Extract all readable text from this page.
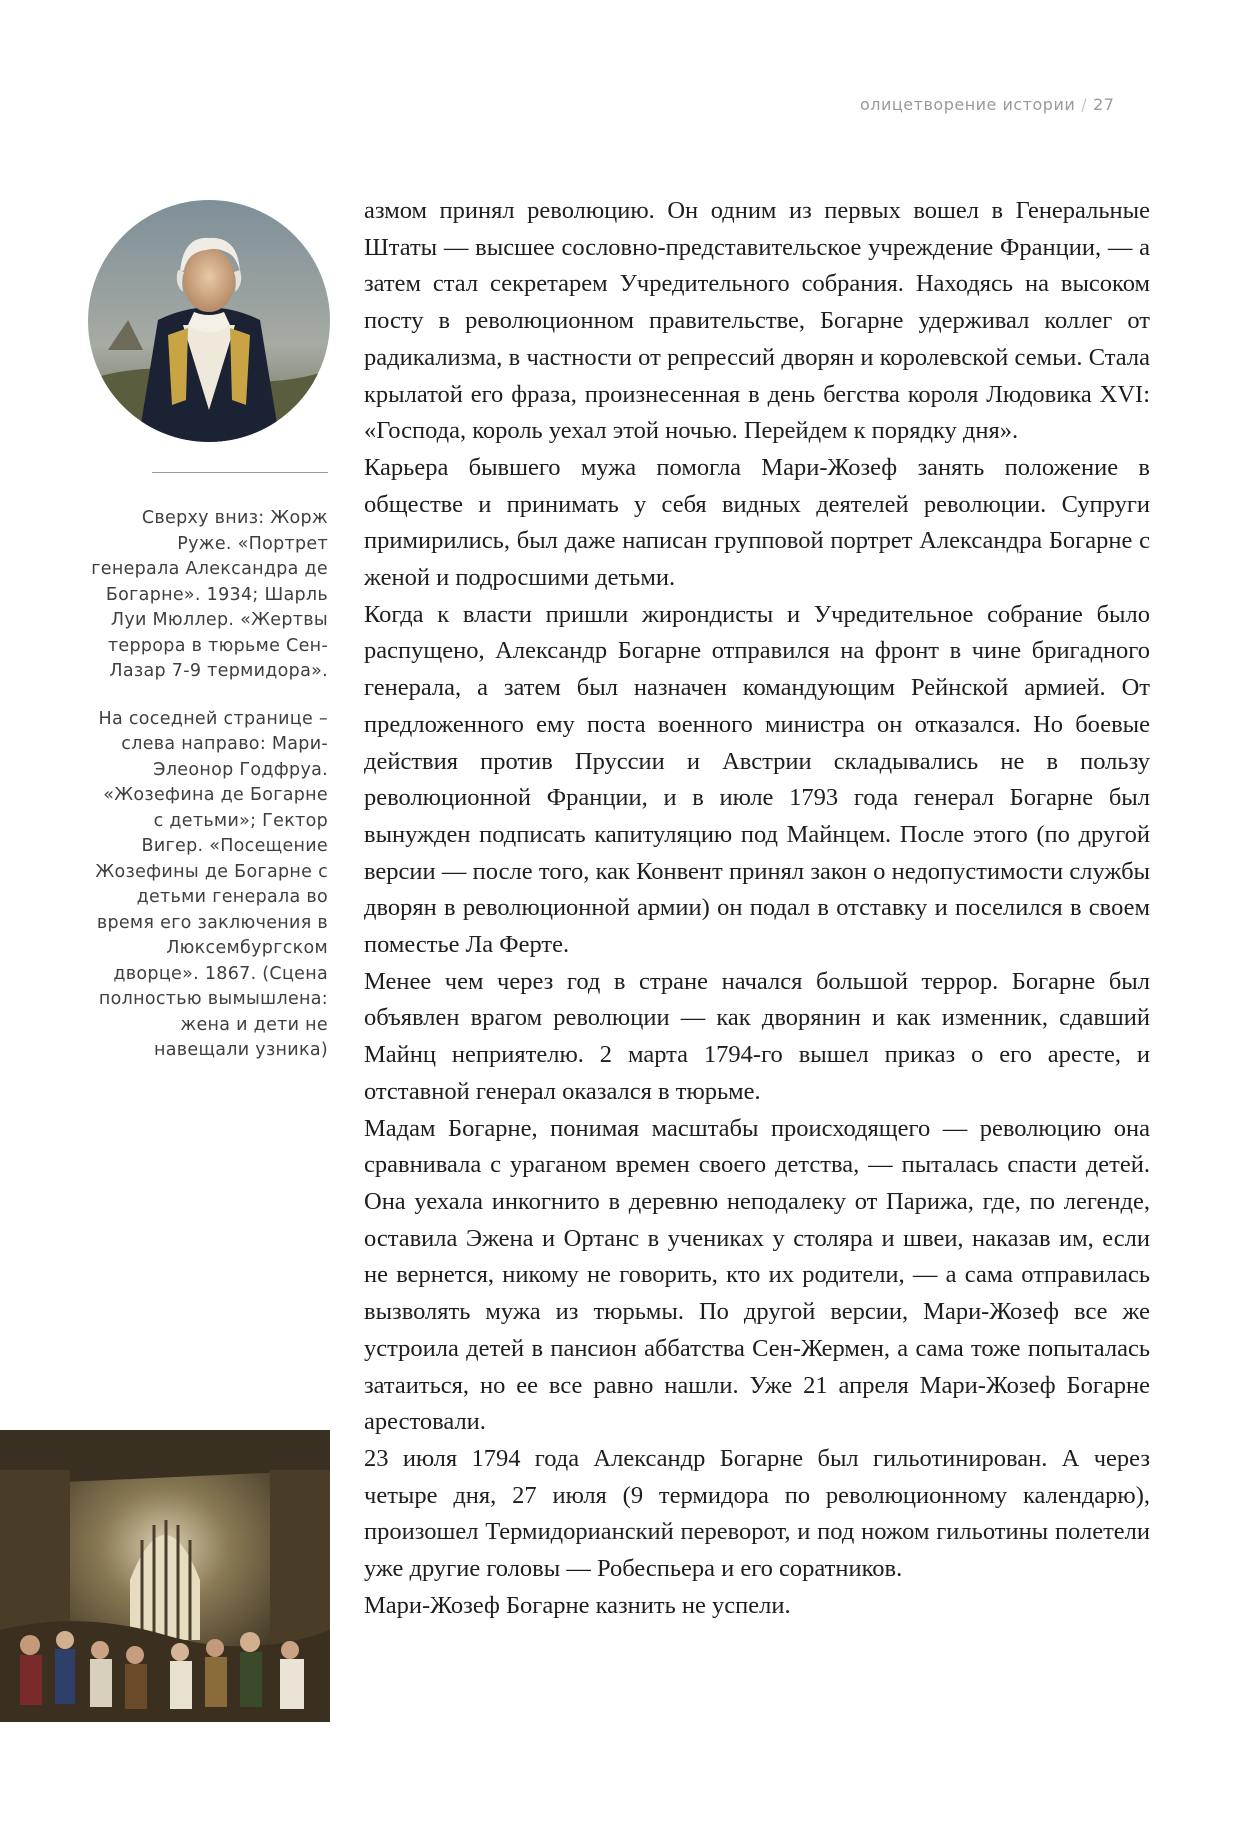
олицетворение истории / 27

Сверху вниз: Жорж Руже. «Портрет генерала Александра де Богарне». 1934; Шарль Луи Мюллер. «Жертвы террора в тюрьме Сен-Лазар 7-9 термидора».

На соседней странице – слева направо: Мари-Элеонор Годфруа. «Жозефина де Богарне с детьми»; Гектор Вигер. «Посещение Жозефины де Богарне с детьми генерала во время его заключения в Люксембургском дворце». 1867. (Сцена полностью вымышлена: жена и дети не навещали узника)

азмом принял революцию. Он одним из первых вошел в Генеральные Штаты — высшее сословно-представительское учреждение Франции, — а затем стал секретарем Учредительного собрания. Находясь на высоком посту в революционном правительстве, Богарне удерживал коллег от радикализма, в частности от репрессий дворян и королевской семьи. Стала крылатой его фраза, произнесенная в день бегства короля Людовика XVI: «Господа, король уехал этой ночью. Перейдем к порядку дня».

Карьера бывшего мужа помогла Мари-Жозеф занять положение в обществе и принимать у себя видных деятелей революции. Супруги примирились, был даже написан групповой портрет Александра Богарне с женой и подросшими детьми.

Когда к власти пришли жирондисты и Учредительное собрание было распущено, Александр Богарне отправился на фронт в чине бригадного генерала, а затем был назначен командующим Рейнской армией. От предложенного ему поста военного министра он отказался. Но боевые действия против Пруссии и Австрии складывались не в пользу революционной Франции, и в июле 1793 года генерал Богарне был вынужден подписать капитуляцию под Майнцем. После этого (по другой версии — после того, как Конвент принял закон о недопустимости службы дворян в революционной армии) он подал в отставку и поселился в своем поместье Ла Ферте.

Менее чем через год в стране начался большой террор. Богарне был объявлен врагом революции — как дворянин и как изменник, сдавший Майнц неприятелю. 2 марта 1794-го вышел приказ о его аресте, и отставной генерал оказался в тюрьме.

Мадам Богарне, понимая масштабы происходящего — революцию она сравнивала с ураганом времен своего детства, — пыталась спасти детей. Она уехала инкогнито в деревню неподалеку от Парижа, где, по легенде, оставила Эжена и Ортанс в учениках у столяра и швеи, наказав им, если не вернется, никому не говорить, кто их родители, — а сама отправилась вызволять мужа из тюрьмы. По другой версии, Мари-Жозеф все же устроила детей в пансион аббатства Сен-Жермен, а сама тоже попыталась затаиться, но ее все равно нашли. Уже 21 апреля Мари-Жозеф Богарне арестовали.

23 июля 1794 года Александр Богарне был гильотинирован. А через четыре дня, 27 июля (9 термидора по революционному календарю), произошел Термидорианский переворот, и под ножом гильотины полетели уже другие головы — Робеспьера и его соратников.

Мари-Жозеф Богарне казнить не успели.
